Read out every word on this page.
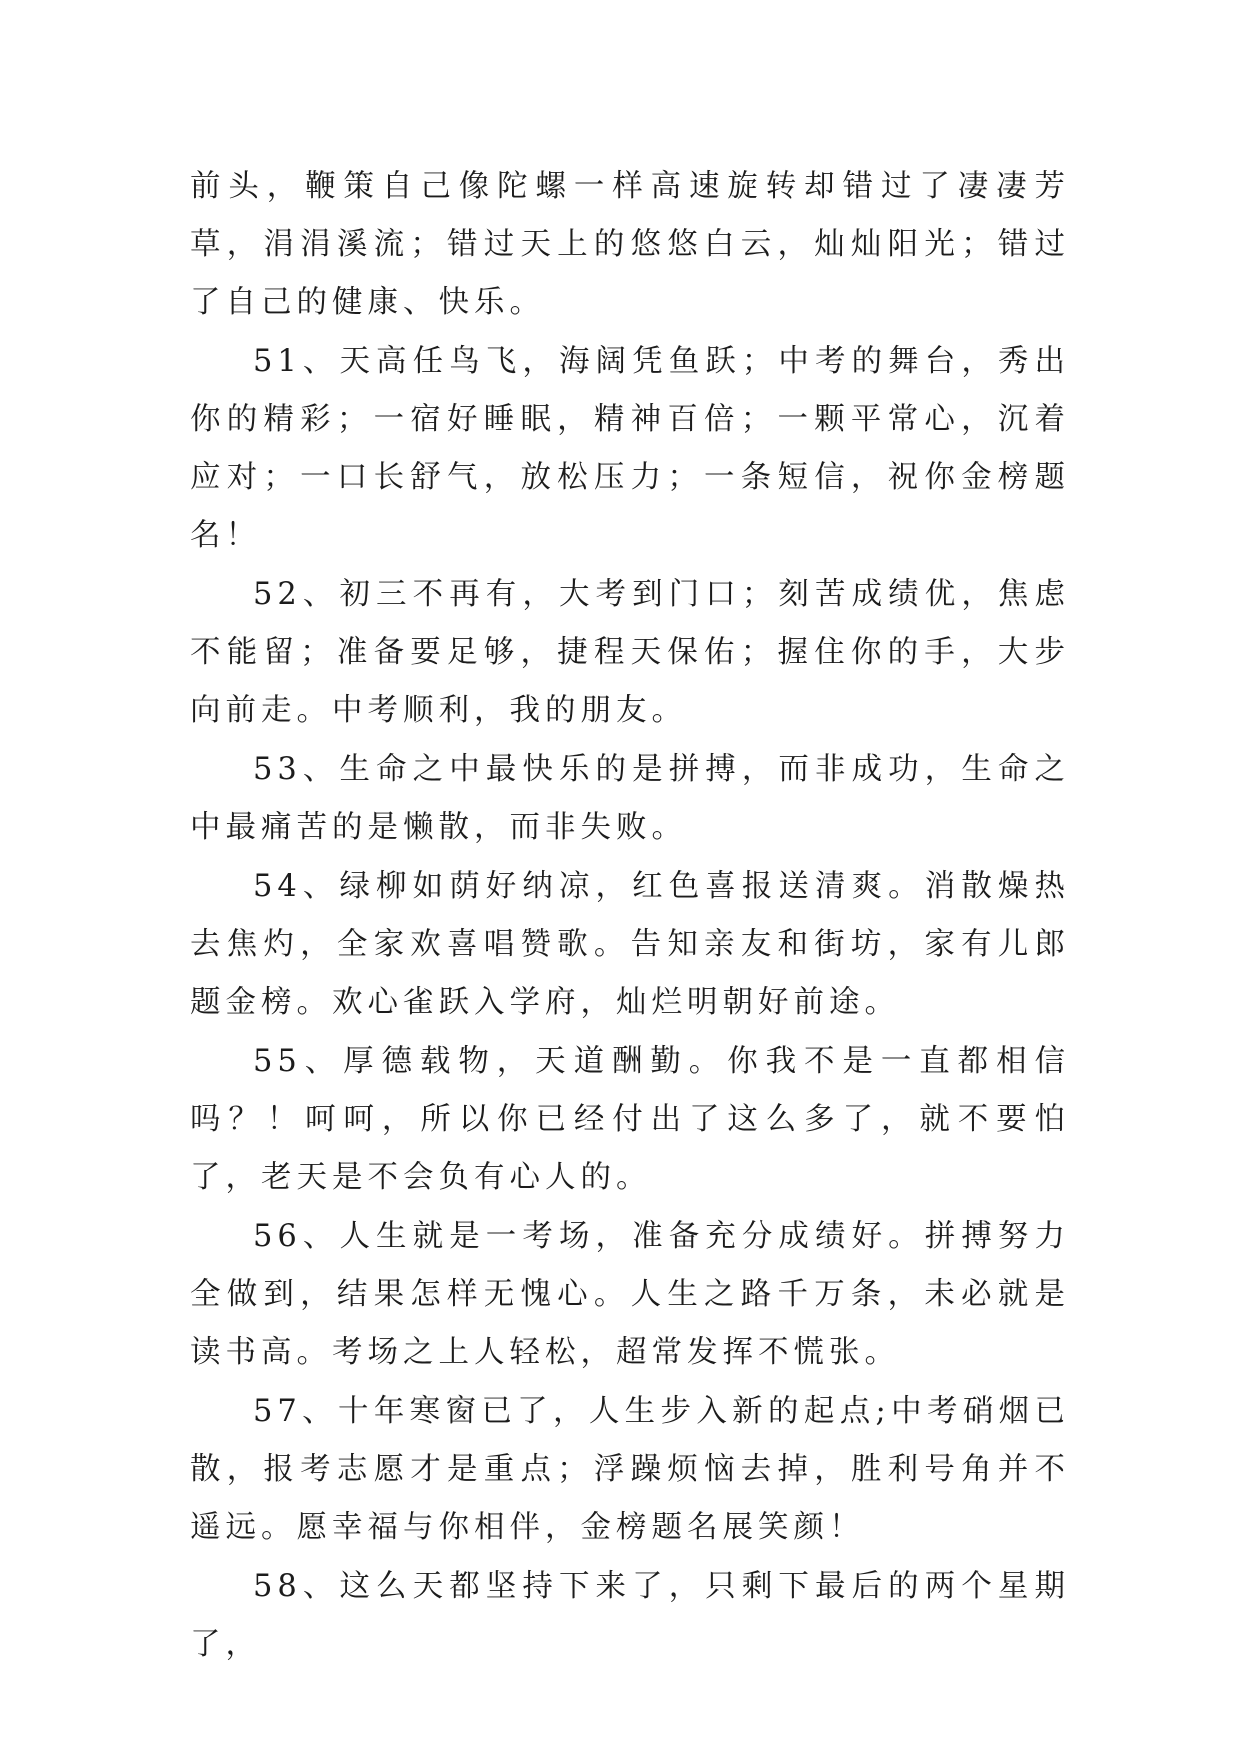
前头，鞭策自己像陀螺一样高速旋转却错过了凄凄芳草，涓涓溪流；错过天上的悠悠白云，灿灿阳光；错过了自己的健康、快乐。

51、天高任鸟飞，海阔凭鱼跃；中考的舞台，秀出你的精彩；一宿好睡眠，精神百倍；一颗平常心，沉着应对；一口长舒气，放松压力；一条短信，祝你金榜题名！

52、初三不再有，大考到门口；刻苦成绩优，焦虑不能留；准备要足够，捷程天保佑；握住你的手，大步向前走。中考顺利，我的朋友。

53、生命之中最快乐的是拼搏，而非成功，生命之中最痛苦的是懒散，而非失败。

54、绿柳如荫好纳凉，红色喜报送清爽。消散燥热去焦灼，全家欢喜唱赞歌。告知亲友和街坊，家有儿郎题金榜。欢心雀跃入学府，灿烂明朝好前途。

55、厚德载物，天道酬勤。你我不是一直都相信吗？！呵呵，所以你已经付出了这么多了，就不要怕了，老天是不会负有心人的。

56、人生就是一考场，准备充分成绩好。拼搏努力全做到，结果怎样无愧心。人生之路千万条，未必就是读书高。考场之上人轻松，超常发挥不慌张。

57、十年寒窗已了，人生步入新的起点;中考硝烟已散，报考志愿才是重点；浮躁烦恼去掉，胜利号角并不遥远。愿幸福与你相伴，金榜题名展笑颜！

58、这么天都坚持下来了，只剩下最后的两个星期了，
